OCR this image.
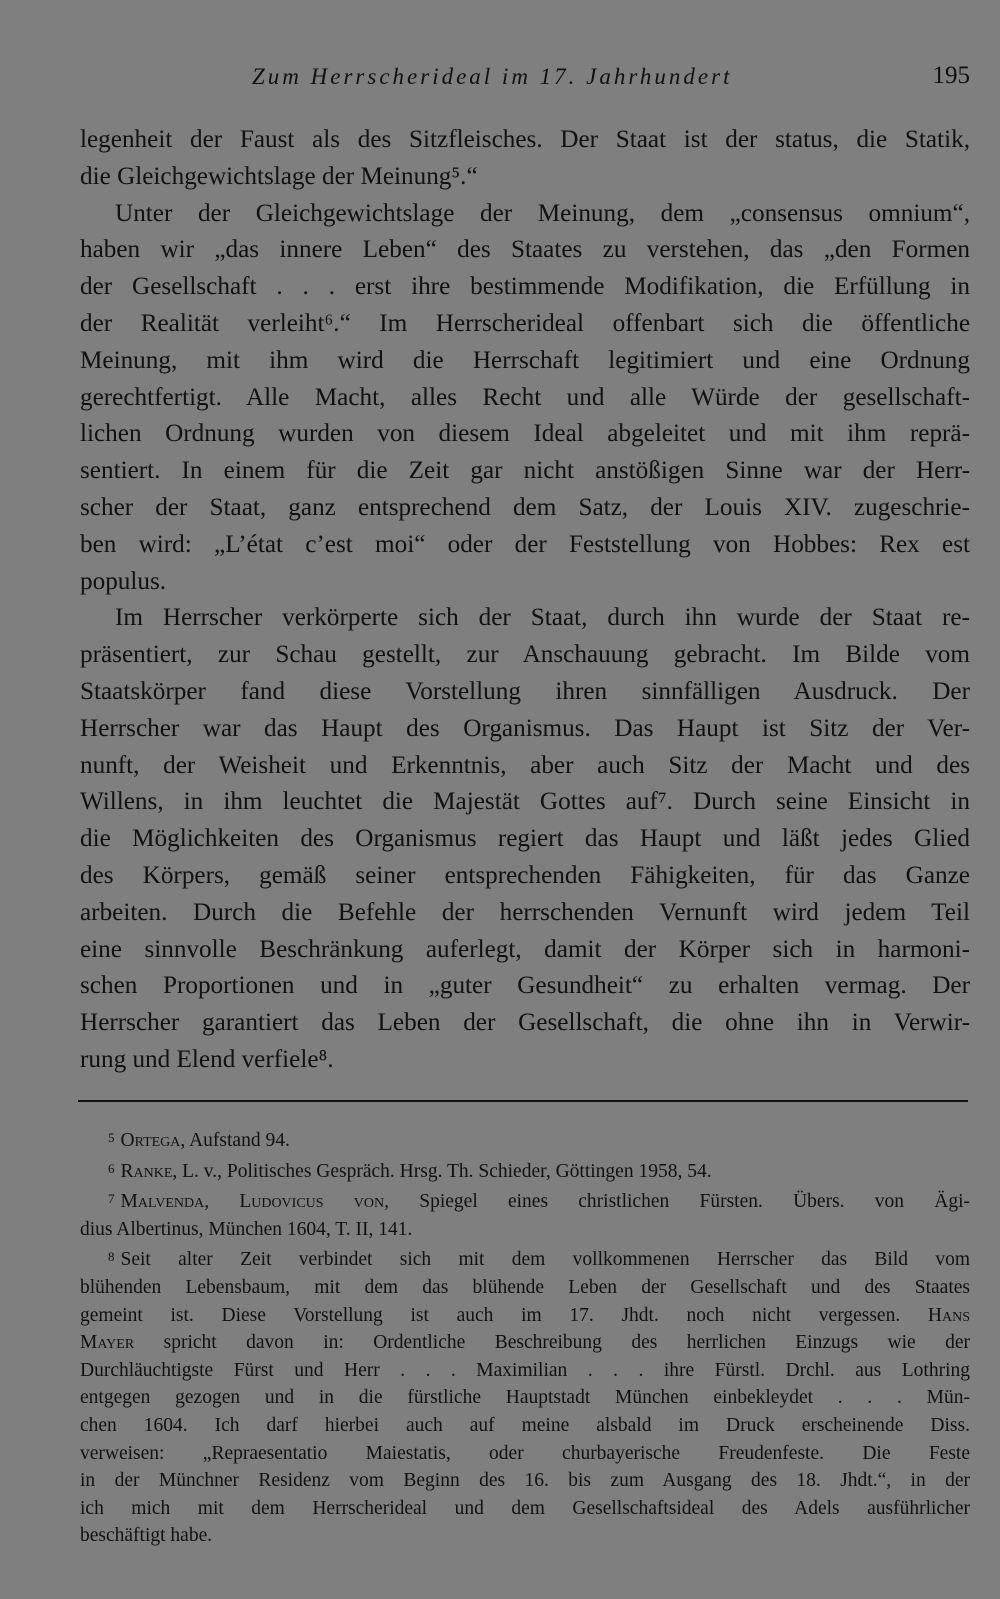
Zum Herrscherideal im 17. Jahrhundert	195
legenheit der Faust als des Sitzfleisches. Der Staat ist der status, die Statik,
die Gleichgewichtslage der Meinung⁵.“
Unter der Gleichgewichtslage der Meinung, dem „consensus omnium“,
haben wir „das innere Leben“ des Staates zu verstehen, das „den Formen
der Gesellschaft . . . erst ihre bestimmende Modifikation, die Erfüllung in
der Realität verleiht⁶.“ Im Herrscherideal offenbart sich die öffentliche
Meinung, mit ihm wird die Herrschaft legitimiert und eine Ordnung
gerechtfertigt. Alle Macht, alles Recht und alle Würde der gesellschaft-
lichen Ordnung wurden von diesem Ideal abgeleitet und mit ihm reprä-
sentiert. In einem für die Zeit gar nicht anstößigen Sinne war der Herr-
scher der Staat, ganz entsprechend dem Satz, der Louis XIV. zugeschrie-
ben wird: „L’état c’est moi“ oder der Feststellung von Hobbes: Rex est
populus.
Im Herrscher verkörperte sich der Staat, durch ihn wurde der Staat re-
präsentiert, zur Schau gestellt, zur Anschauung gebracht. Im Bilde vom
Staatskörper fand diese Vorstellung ihren sinnfälligen Ausdruck. Der
Herrscher war das Haupt des Organismus. Das Haupt ist Sitz der Ver-
nunft, der Weisheit und Erkenntnis, aber auch Sitz der Macht und des
Willens, in ihm leuchtet die Majestät Gottes auf⁷. Durch seine Einsicht in
die Möglichkeiten des Organismus regiert das Haupt und läßt jedes Glied
des Körpers, gemäß seiner entsprechenden Fähigkeiten, für das Ganze
arbeiten. Durch die Befehle der herrschenden Vernunft wird jedem Teil
eine sinnvolle Beschränkung auferlegt, damit der Körper sich in harmoni-
schen Proportionen und in „guter Gesundheit“ zu erhalten vermag. Der
Herrscher garantiert das Leben der Gesellschaft, die ohne ihn in Verwir-
rung und Elend verfiele⁸.
$^5$ Ortega, Aufstand 94.
$^6$ Ranke, L. v., Politisches Gespräch. Hrsg. Th. Schieder, Göttingen 1958, 54.
$^7$ Malvenda, Ludovicus von, Spiegel eines christlichen Fürsten. Übers. von Ägi-
dius Albertinus, München 1604, T. II, 141.
$^8$ Seit alter Zeit verbindet sich mit dem vollkommenen Herrscher das Bild vom
blühenden Lebensbaum, mit dem das blühende Leben der Gesellschaft und des Staates
gemeint ist. Diese Vorstellung ist auch im 17. Jhdt. noch nicht vergessen. Hans
Mayer spricht davon in: Ordentliche Beschreibung des herrlichen Einzugs wie der
Durchläuchtigste Fürst und Herr . . . Maximilian . . . ihre Fürstl. Drchl. aus Lothring
entgegen gezogen und in die fürstliche Hauptstadt München einbekleydet . . . Mün-
chen 1604. Ich darf hierbei auch auf meine alsbald im Druck erscheinende Diss.
verweisen: „Repraesentatio Maiestatis, oder churbayerische Freudenfeste. Die Feste
in der Münchner Residenz vom Beginn des 16. bis zum Ausgang des 18. Jhdt.“, in der
ich mich mit dem Herrscherideal und dem Gesellschaftsideal des Adels ausführlicher
beschäftigt habe.
